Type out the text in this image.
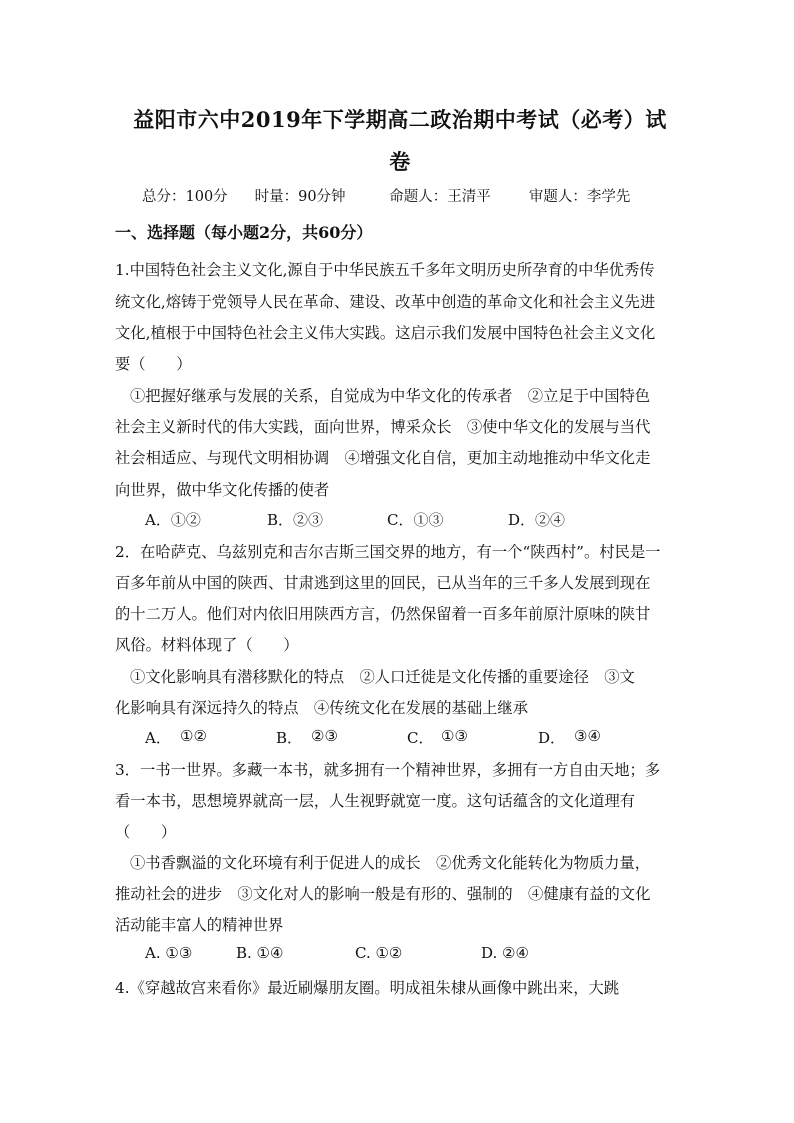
益阳市六中2019年下学期高二政治期中考试（必考）试
卷
总分：100分 时量：90分钟	命题人：王清平	审题人：李学先
一、选择题（每小题2分，共60分）
1.中国特色社会主义文化,源自于中华民族五千多年文明历史所孕育的中华优秀传
统文化,熔铸于党领导人民在革命、建设、改革中创造的革命文化和社会主义先进
文化,植根于中国特色社会主义伟大实践。这启示我们发展中国特色社会主义文化
要（　　）
①把握好继承与发展的关系，自觉成为中华文化的传承者　②立足于中国特色
社会主义新时代的伟大实践，面向世界，博采众长　③使中华文化的发展与当代
社会相适应、与现代文明相协调　④增强文化自信，更加主动地推动中华文化走
向世界，做中华文化传播的使者
A．①②	B．②③	C．①③	D．②④
2．在哈萨克、乌兹别克和吉尔吉斯三国交界的地方，有一个“陕西村”。村民是一
百多年前从中国的陕西、甘肃逃到这里的回民，已从当年的三千多人发展到现在
的十二万人。他们对内依旧用陕西方言，仍然保留着一百多年前原汁原味的陕甘
风俗。材料体现了（　　）
①文化影响具有潜移默化的特点　②人口迁徙是文化传播的重要途径　③文
化影响具有深远持久的特点　④传统文化在发展的基础上继承
A． ①②	B． ②③	C． ①③	D． ③④
3．一书一世界。多藏一本书，就多拥有一个精神世界，多拥有一方自由天地；多
看一本书，思想境界就高一层，人生视野就宽一度。这句话蕴含的文化道理有
（　　）
①书香飘溢的文化环境有利于促进人的成长　②优秀文化能转化为物质力量，
推动社会的进步　③文化对人的影响一般是有形的、强制的　④健康有益的文化
活动能丰富人的精神世界
A. ①③	B. ①④	C. ①②	D. ②④
4.《穿越故宫来看你》最近刷爆朋友圈。明成祖朱棣从画像中跳出来，大跳
